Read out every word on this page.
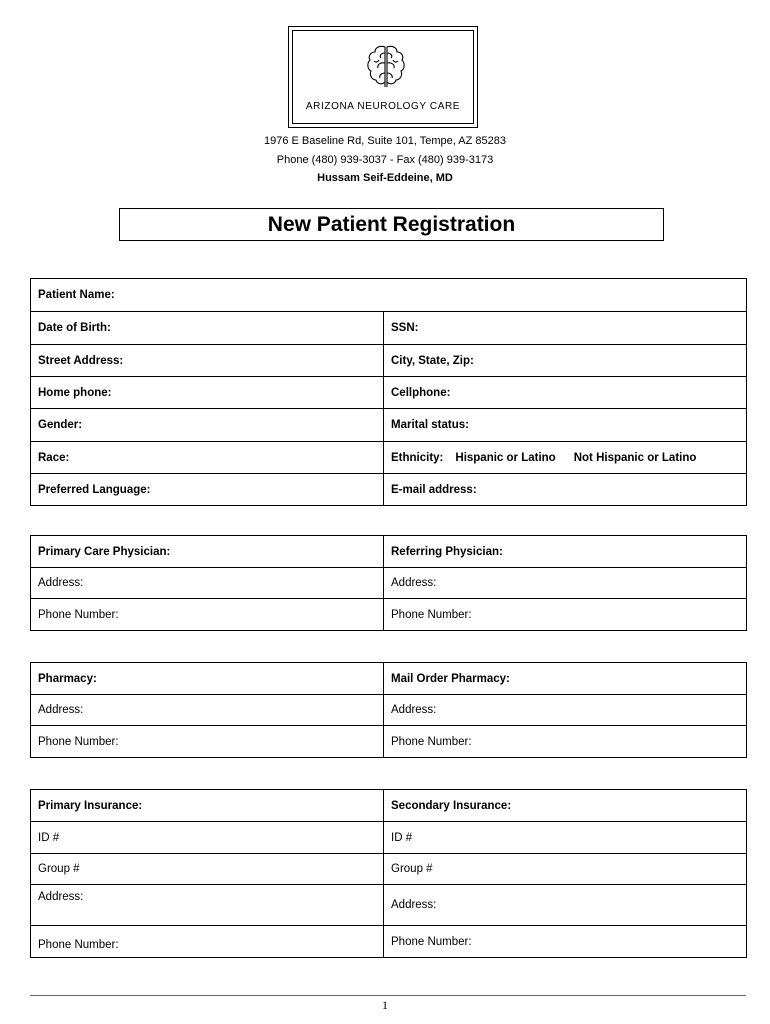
ARIZONA NEUROLOGY CARE
1976 E Baseline Rd, Suite 101, Tempe, AZ 85283
Phone (480) 939-3037 - Fax (480) 939-3173
Hussam Seif-Eddeine, MD
New Patient Registration
Patient Name:	
Date of Birth:	SSN:
Street Address:	City, State, Zip:
Home phone:	Cellphone:
Gender:	Marital status:
Race:	Ethnicity: Hispanic or Latino Not Hispanic or Latino
Preferred Language:	E-mail address:
Primary Care Physician:	Referring Physician:
Address:	Address:
Phone Number:	Phone Number:
Pharmacy:	Mail Order Pharmacy:
Address:	Address:
Phone Number:	Phone Number:
Primary Insurance:	Secondary Insurance:
ID #	ID #
Group #	Group #
Address:	Address:
Phone Number:	Phone Number:
1
